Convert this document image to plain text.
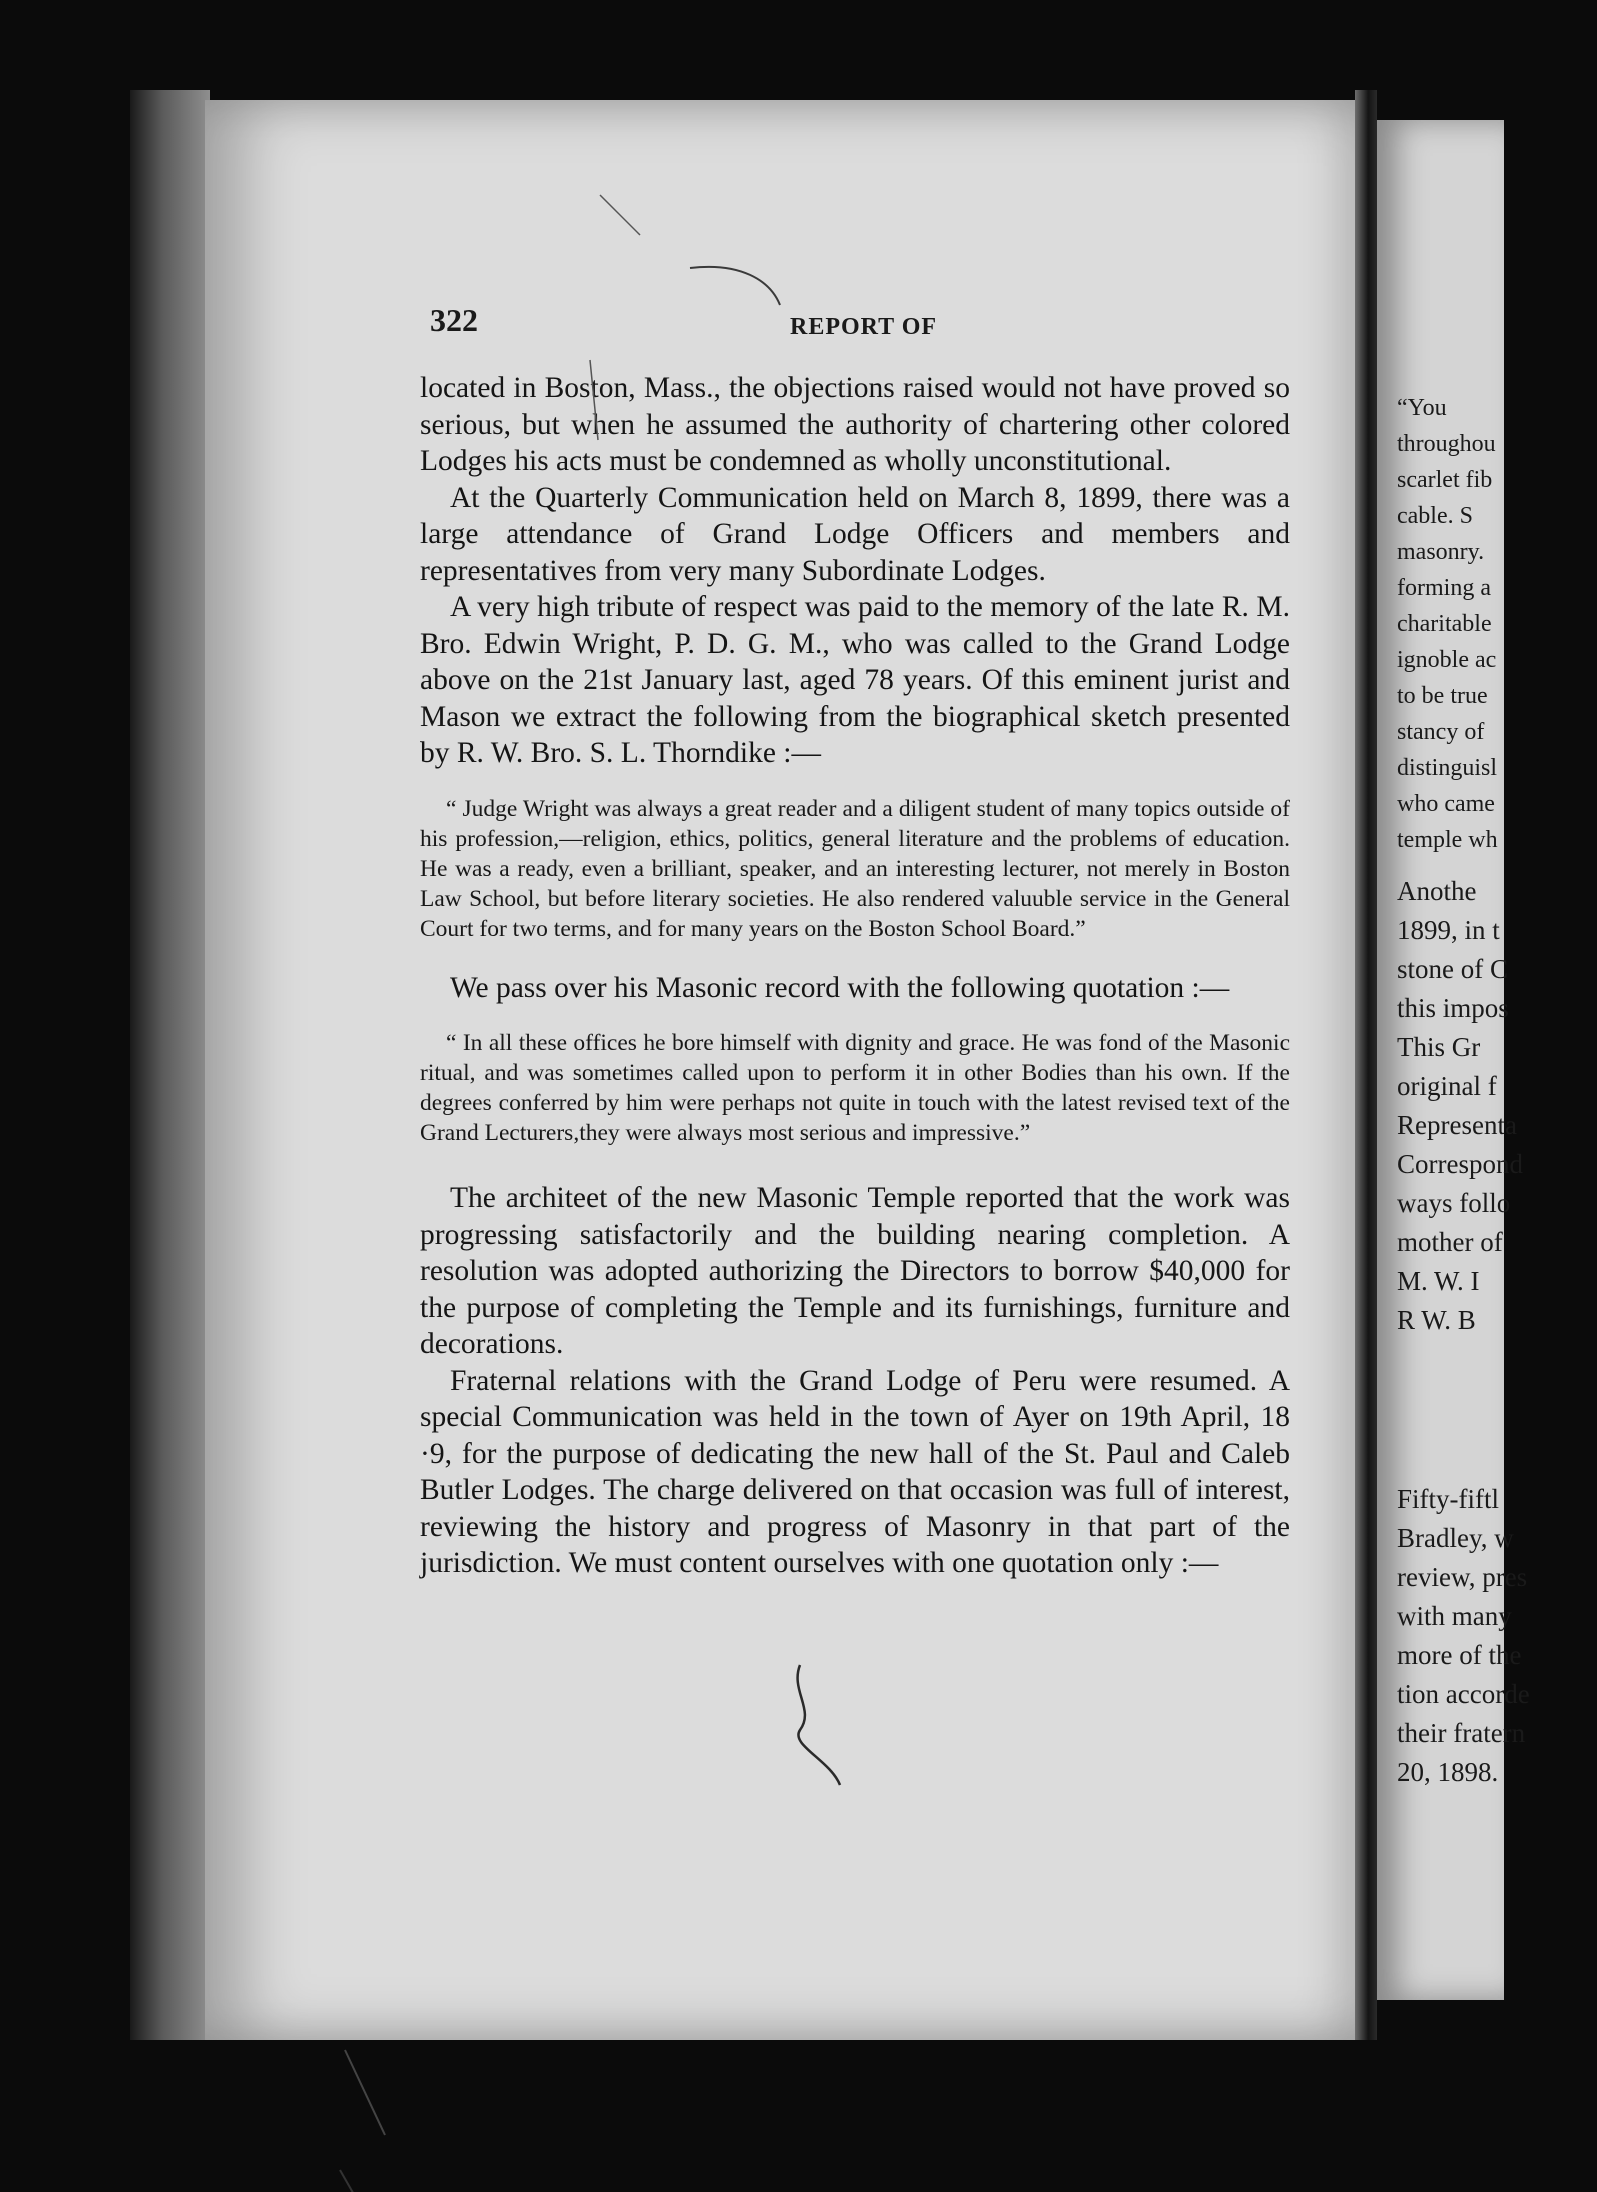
322	REPORT OF

located in Boston, Mass., the objections raised would not have proved so serious, but when he assumed the authority of chartering other colored Lodges his acts must be condemned as wholly unconstitutional.

At the Quarterly Communication held on March 8, 1899, there was a large attendance of Grand Lodge Officers and members and representatives from very many Subordinate Lodges.

A very high tribute of respect was paid to the memory of the late R. M. Bro. Edwin Wright, P. D. G. M., who was called to the Grand Lodge above on the 21st January last, aged 78 years. Of this eminent jurist and Mason we extract the following from the biographical sketch presented by R. W. Bro. S. L. Thorndike :—

“ Judge Wright was always a great reader and a diligent student of many topics outside of his profession,—religion, ethics, politics, general literature and the problems of education. He was a ready, even a brilliant, speaker, and an interesting lecturer, not merely in Boston Law School, but before literary societies. He also rendered valuuble service in the General Court for two terms, and for many years on the Boston School Board.”

We pass over his Masonic record with the following quotation :—

“ In all these offices he bore himself with dignity and grace. He was fond of the Masonic ritual, and was sometimes called upon to perform it in other Bodies than his own. If the degrees conferred by him were perhaps not quite in touch with the latest revised text of the Grand Lecturers,they were always most serious and impressive.”

The architeet of the new Masonic Temple reported that the work was progressing satisfactorily and the building nearing completion. A resolution was adopted authorizing the Directors to borrow $40,000 for the purpose of completing the Temple and its furnishings, furniture and decorations.

Fraternal relations with the Grand Lodge of Peru were resumed. A special Communication was held in the town of Ayer on 19th April, 18 ·9, for the purpose of dedicating the new hall of the St. Paul and Caleb Butler Lodges. The charge delivered on that occasion was full of interest, reviewing the history and progress of Masonry in that part of the jurisdiction. We must content ourselves with one quotation only :—

“You
throughou
scarlet fib
cable. S
masonry.
forming a
charitable
ignoble ac
to be true
stancy of
distinguisl
who came
temple wh
Anothe
1899, in t
stone of C
this impos
This Gr
original f
Representa
Correspond
ways follo
mother of
M. W. I
R W. B
Fifty-fiftl
Bradley, w
review, pres
with many
more of the
tion accorde
their fratern
20, 1898.
